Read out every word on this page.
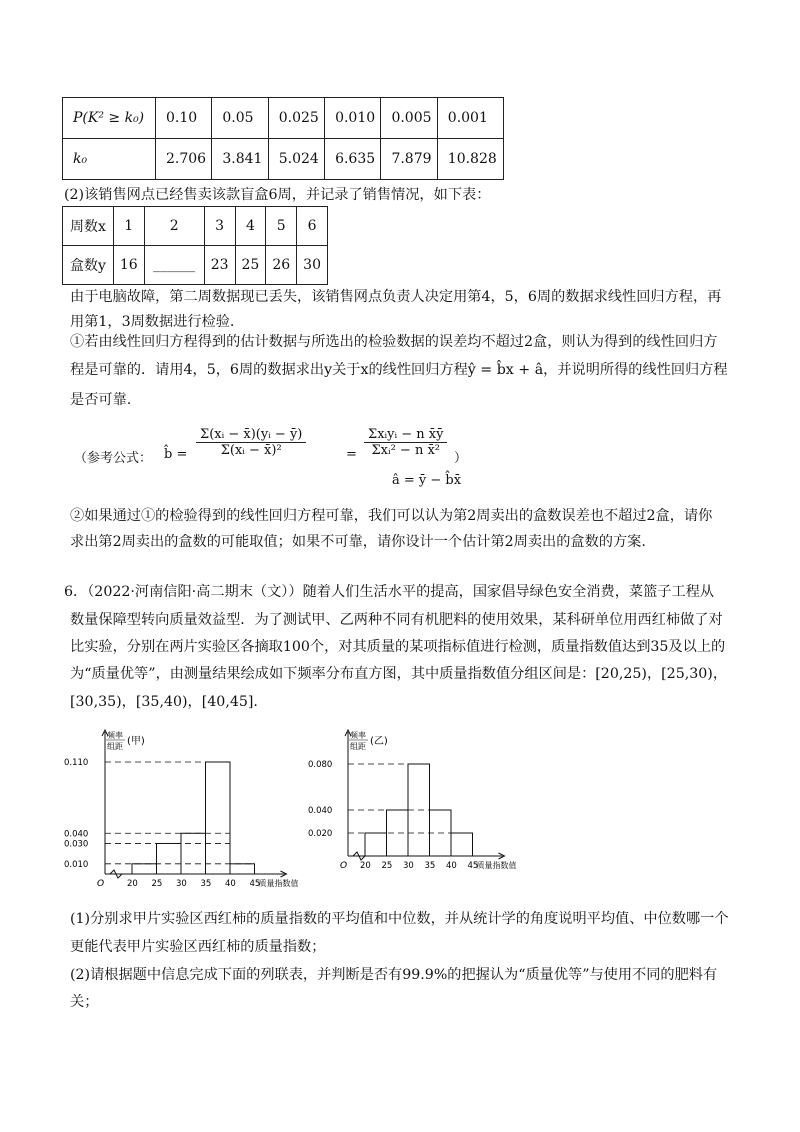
P(K² ≥ k₀)	0.10	0.05	0.025	0.010	0.005	0.001
k₀	2.706	3.841	5.024	6.635	7.879	10.828
(2)该销售网点已经售卖该款盲盒6周，并记录了销售情况，如下表：
周数x	1	2	3	4	5	6
盒数y	16	______	23	25	26	30
由于电脑故障，第二周数据现已丢失，该销售网点负责人决定用第4，5，6周的数据求线性回归方程，再
用第1，3周数据进行检验.
①若由线性回归方程得到的估计数据与所选出的检验数据的误差均不超过2盒，则认为得到的线性回归方
程是可靠的．请用4，5，6周的数据求出y关于x的线性回归方程ŷ = b̂x + â，并说明所得的线性回归方程
是否可靠.
（参考公式： b̂ = $\frac{\text{Σ(xᵢ − x̄)(yᵢ − ȳ)}}{\text{Σ(xᵢ − x̄)²}}$	=
Σxᵢyᵢ − n x̄ȳ
Σxᵢ² − n x̄²
â = ȳ − b̂x̄
）
②如果通过①的检验得到的线性回归方程可靠，我们可以认为第2周卖出的盒数误差也不超过2盒，请你
求出第2周卖出的盒数的可能取值；如果不可靠，请你设计一个估计第2周卖出的盒数的方案.
6．（2022·河南信阳·高二期末（文））随着人们生活水平的提高，国家倡导绿色安全消费，菜篮子工程从
数量保障型转向质量效益型．为了测试甲、乙两种不同有机肥料的使用效果，某科研单位用西红柿做了对
比实验，分别在两片实验区各摘取100个，对其质量的某项指标值进行检测，质量指数值达到35及以上的
为“质量优等”，由测量结果绘成如下频率分布直方图，其中质量指数值分组区间是：[20,25)，[25,30)，
[30,35)，[35,40)，[40,45].
频率
组距 (甲)
0.010
0.030
0.040
0.110
20 25 30 35 40 45
O	质量指数值
频率
组距 (乙)
0.020
0.040
0.080
20 25 30 35 40 45
O	质量指数值
(1)分别求甲片实验区西红柿的质量指数的平均值和中位数，并从统计学的角度说明平均值、中位数哪一个
更能代表甲片实验区西红柿的质量指数；
(2)请根据题中信息完成下面的列联表，并判断是否有99.9%的把握认为“质量优等”与使用不同的肥料有
关；
